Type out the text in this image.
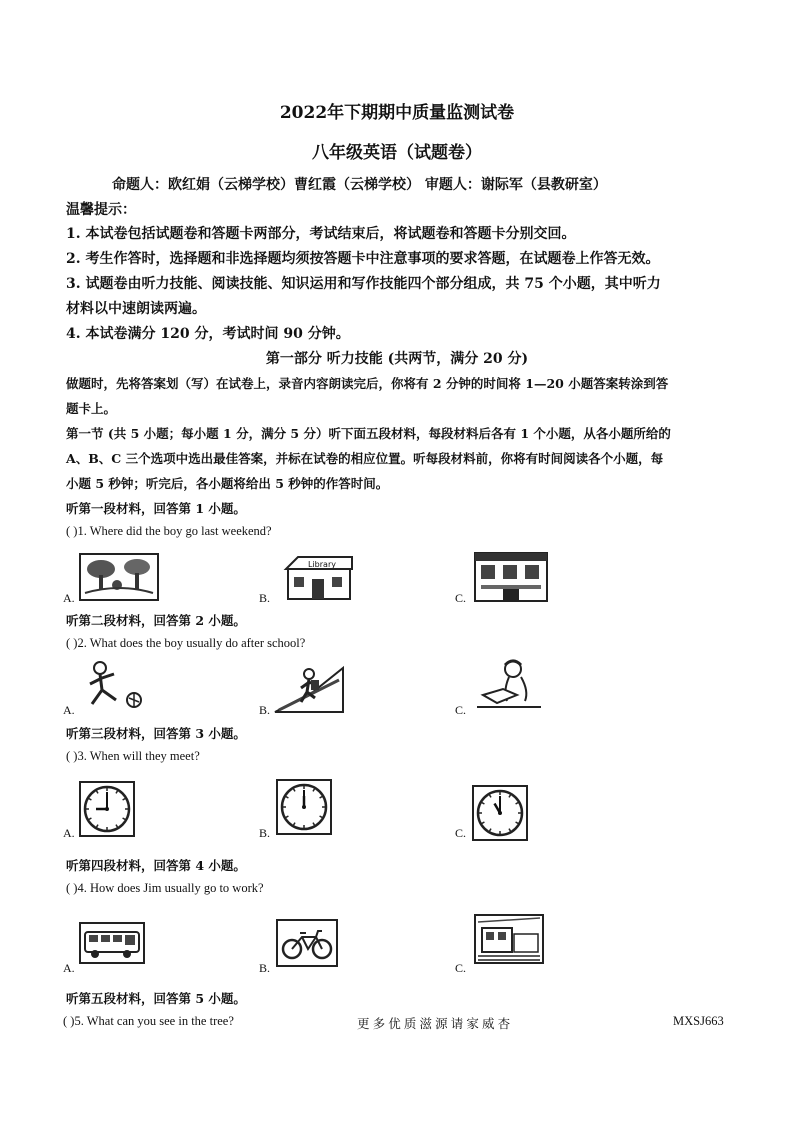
2022年下期期中质量监测试卷
八年级英语（试题卷）
命题人：欧红娟（云梯学校）曹红霞（云梯学校） 审题人：谢际军（县教研室）
温馨提示：
1. 本试卷包括试题卷和答题卡两部分，考试结束后，将试题卷和答题卡分别交回。
2. 考生作答时，选择题和非选择题均须按答题卡中注意事项的要求答题，在试题卷上作答无效。
3. 试题卷由听力技能、阅读技能、知识运用和写作技能四个部分组成，共 75 个小题，其中听力
材料以中速朗读两遍。
4. 本试卷满分 120 分，考试时间 90 分钟。
第一部分 听力技能 (共两节，满分 20 分)
做题时，先将答案划（写）在试卷上，录音内容朗读完后，你将有 2 分钟的时间将 1—20 小题答案转涂到答
题卡上。
第一节 (共 5 小题；每小题 1 分，满分 5 分）听下面五段材料，每段材料后各有 1 个小题，从各小题所给的
A、B、C 三个选项中选出最佳答案，并标在试卷的相应位置。听每段材料前，你将有时间阅读各个小题，每
小题 5 秒钟；听完后，各小题将给出 5 秒钟的作答时间。
听第一段材料，回答第 1 小题。
( )1. Where did the boy go last weekend?
A.	B.
Library
C.
听第二段材料，回答第 2 小题。
( )2. What does the boy usually do after school?
A.	B.	C.
听第三段材料，回答第 3 小题。
( )3. When will they meet?
A.	B.	C.
听第四段材料，回答第 4 小题。
( )4. How does Jim usually go to work?
A.	B.	C.
听第五段材料，回答第 5 小题。
( )5. What can you see in the tree?	更 多 优 质 滋 源 请 家 威 杏	MXSJ663
